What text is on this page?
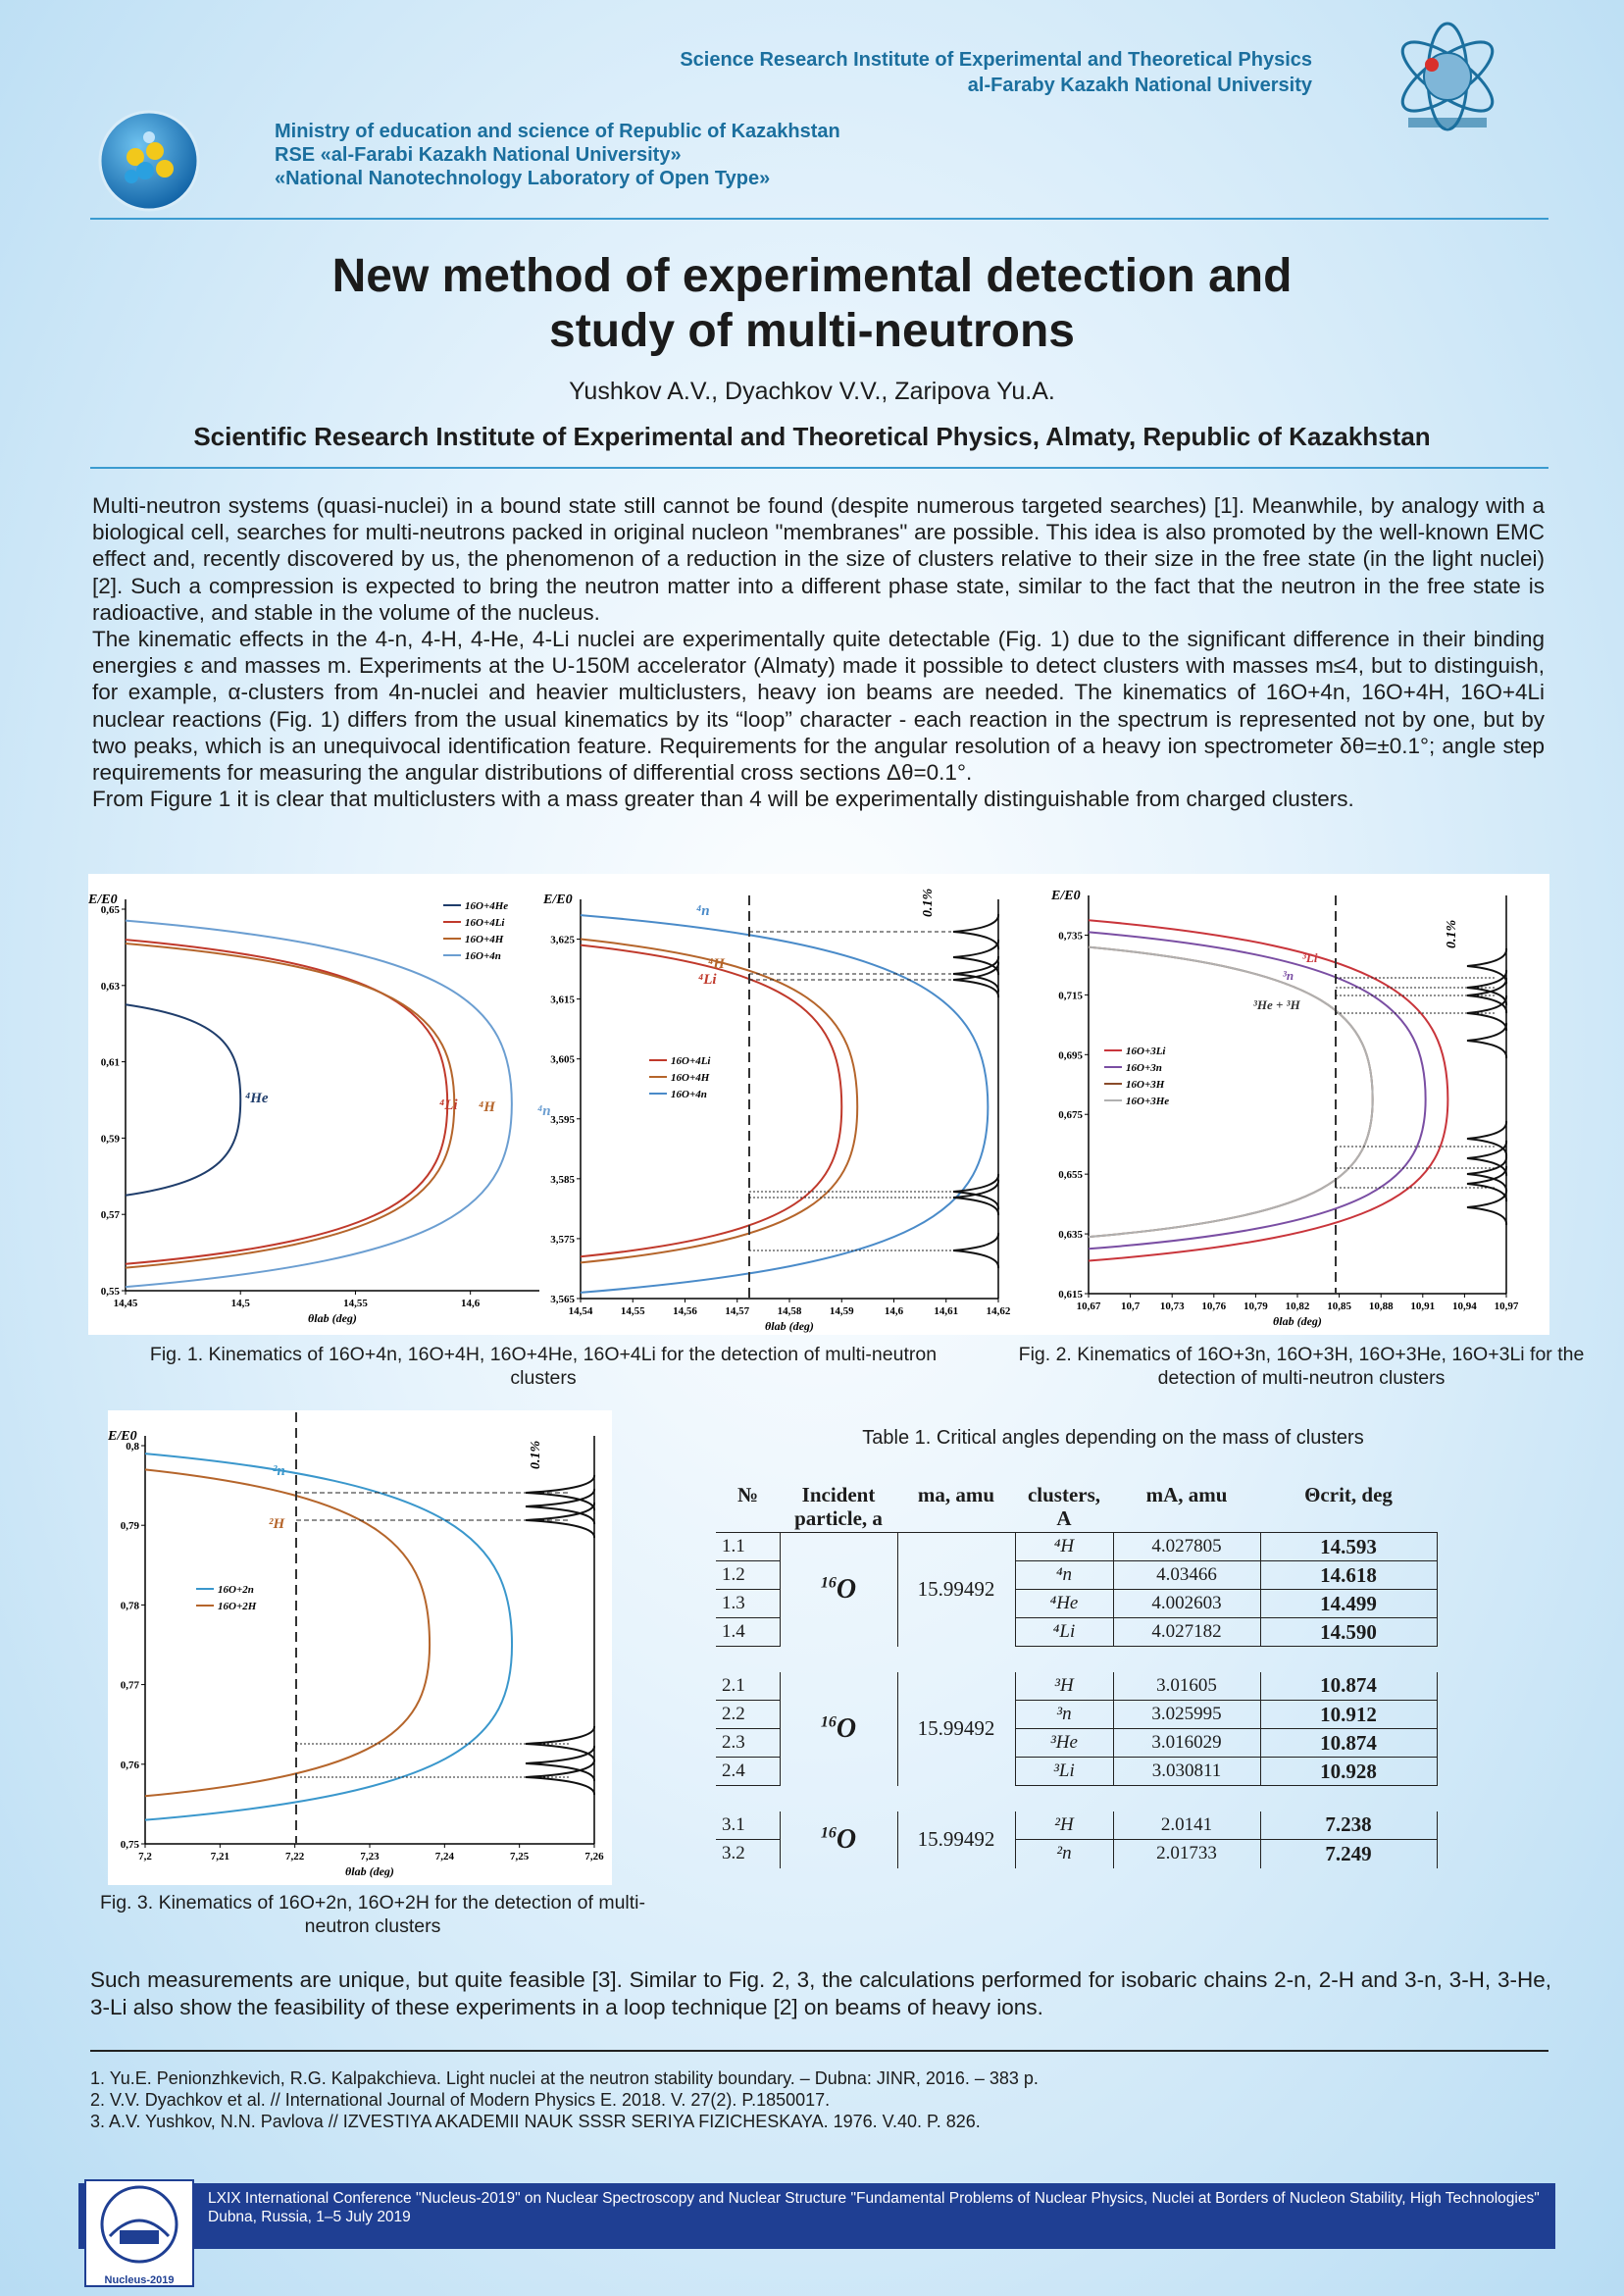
Science Research Institute of Experimental and Theoretical Physics
al-Faraby Kazakh National University
Ministry of education and science of Republic of Kazakhstan
RSE «al-Farabi Kazakh National University»
«National Nanotechnology Laboratory of Open Type»
New method of experimental detection and
study of multi-neutrons
Yushkov A.V., Dyachkov V.V., Zaripova Yu.A.
Scientific Research Institute of Experimental and Theoretical Physics, Almaty, Republic of Kazakhstan

Multi-neutron systems (quasi-nuclei) in a bound state still cannot be found (despite numerous targeted searches) [1]. Meanwhile, by analogy with a biological cell, searches for multi-neutrons packed in original nucleon "membranes" are possible. This idea is also promoted by the well-known EMC effect and, recently discovered by us, the phenomenon of a reduction in the size of clusters relative to their size in the free state (in the light nuclei) [2]. Such a compression is expected to bring the neutron matter into a different phase state, similar to the fact that the neutron in the free state is radioactive, and stable in the volume of the nucleus.

The kinematic effects in the 4-n, 4-H, 4-He, 4-Li nuclei are experimentally quite detectable (Fig. 1) due to the significant difference in their binding energies ε and masses m. Experiments at the U-150M accelerator (Almaty) made it possible to detect clusters with masses m≤4, but to distinguish, for example, α-clusters from 4n-nuclei and heavier multiclusters, heavy ion beams are needed. The kinematics of 16O+4n, 16O+4H, 16O+4Li nuclear reactions (Fig. 1) differs from the usual kinematics by its “loop” character - each reaction in the spectrum is represented not by one, but by two peaks, which is an unequivocal identification feature. Requirements for the angular resolution of a heavy ion spectrometer δθ=±0.1°; angle step requirements for measuring the angular distributions of differential cross sections Δθ=0.1°.

From Figure 1 it is clear that multiclusters with a mass greater than 4 will be experimentally distinguishable from charged clusters.

0,55
0,57
0,59
0,61
0,63
0,65
14,45	14,5	14,55	14,6
E/E0
θlab (deg)
16O+4He
16O+4Li
16O+4H
16O+4n
⁴He	⁴Li ⁴H	⁴n
3,565
3,575
3,585
3,595
3,605
3,615
3,625
14,54	14,55	14,56	14,57	14,58	14,59	14,6	14,61	14,62
E/E0
θlab (deg)
16O+4Li
16O+4H
16O+4n
⁴Li
⁴H
⁴n	0.1%
0,615
0,635
0,655
0,675
0,695
0,715
0,735
10,67 10,7 10,73 10,76 10,79 10,82 10,85 10,88 10,91 10,94 10,97
E/E0
θlab (deg)
16O+3Li
16O+3n
16O+3H
16O+3He
³Li
³n
³He + ³H
0.1%
0,75
0,76
0,77
0,78
0,79
0,8
7,2	7,21	7,22	7,23	7,24	7,25	7,26
E/E0
θlab (deg)
16O+2n
16O+2H
²n
²H
0.1%
Fig. 1. Kinematics of 16O+4n, 16O+4H, 16O+4He, 16O+4Li for the detection of multi-neutron clusters
Fig. 2. Kinematics of 16O+3n, 16O+3H, 16O+3He, 16O+3Li for the detection of multi-neutron clusters
Fig. 3. Kinematics of 16O+2n, 16O+2H for the detection of multi-neutron clusters
Table 1. Critical angles depending on the mass of clusters
№	Incident particle, a	ma, amu	clusters, A	mA, amu	Θcrit, deg
1.1	$^{16}$O	15.99492	⁴H	4.027805	14.593
1.2			⁴n	4.03466	14.618
1.3			⁴He	4.002603	14.499
1.4			⁴Li	4.027182	14.590

2.1	$^{16}$O	15.99492	³H	3.01605	10.874
2.2			³n	3.025995	10.912
2.3			³He	3.016029	10.874
2.4			³Li	3.030811	10.928

3.1	$^{16}$O	15.99492	²H	2.0141	7.238
3.2			²n	2.01733	7.249
Such measurements are unique, but quite feasible [3]. Similar to Fig. 2, 3, the calculations performed for isobaric chains 2-n, 2-H and 3-n, 3-H, 3-He, 3-Li also show the feasibility of these experiments in a loop technique [2] on beams of heavy ions.
1. Yu.E. Penionzhkevich, R.G. Kalpakchieva. Light nuclei at the neutron stability boundary. – Dubna: JINR, 2016. – 383 p.
2. V.V. Dyachkov et al. // International Journal of Modern Physics E. 2018. V. 27(2). P.1850017.
3. A.V. Yushkov, N.N. Pavlova // IZVESTIYA AKADEMII NAUK SSSR SERIYA FIZICHESKAYA. 1976. V.40. P. 826.
Nucleus-2019
LXIX International Conference "Nucleus-2019" on Nuclear Spectroscopy and Nuclear Structure "Fundamental Problems of Nuclear Physics, Nuclei at Borders of Nucleon Stability, High Technologies"
Dubna, Russia, 1–5 July 2019
